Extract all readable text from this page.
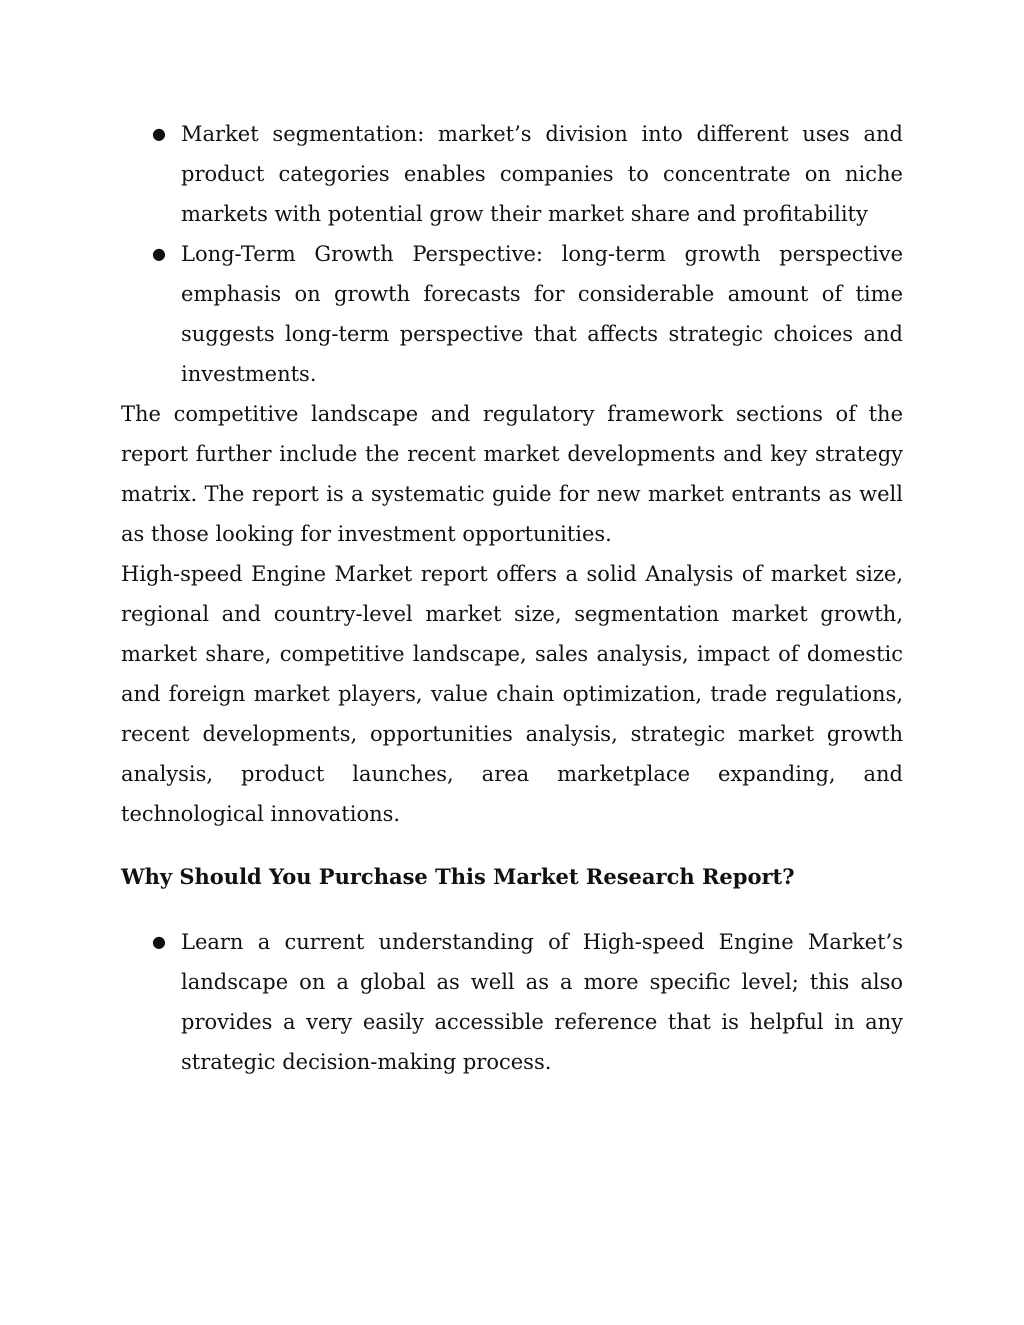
● Market segmentation: market’s division into different uses and product categories enables companies to concentrate on niche markets with potential grow their market share and profitability
● Long-Term Growth Perspective: long-term growth perspective emphasis on growth forecasts for considerable amount of time suggests long-term perspective that affects strategic choices and investments.

The competitive landscape and regulatory framework sections of the report further include the recent market developments and key strategy matrix. The report is a systematic guide for new market entrants as well as those looking for investment opportunities.

High-speed Engine Market report offers a solid Analysis of market size, regional and country-level market size, segmentation market growth, market share, competitive landscape, sales analysis, impact of domestic and foreign market players, value chain optimization, trade regulations, recent developments, opportunities analysis, strategic market growth analysis, product launches, area marketplace expanding, and technological innovations.

Why Should You Purchase This Market Research Report?
● Learn a current understanding of High-speed Engine Market’s landscape on a global as well as a more specific level; this also provides a very easily accessible reference that is helpful in any strategic decision-making process.
